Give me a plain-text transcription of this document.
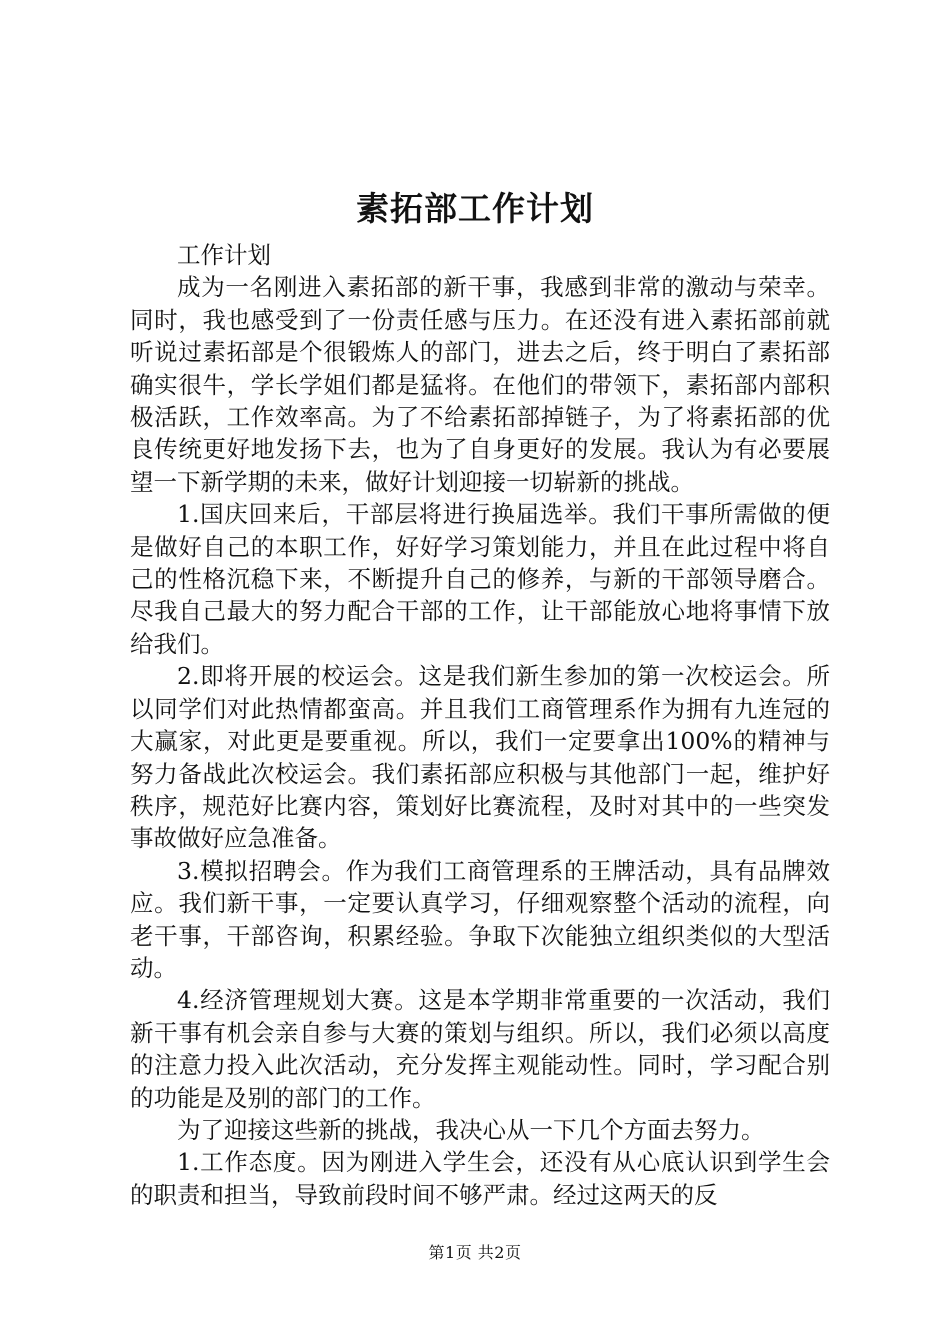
素拓部工作计划

工作计划

成为一名刚进入素拓部的新干事，我感到非常的激动与荣幸。同时，我也感受到了一份责任感与压力。在还没有进入素拓部前就听说过素拓部是个很锻炼人的部门，进去之后，终于明白了素拓部确实很牛，学长学姐们都是猛将。在他们的带领下，素拓部内部积极活跃，工作效率高。为了不给素拓部掉链子，为了将素拓部的优良传统更好地发扬下去，也为了自身更好的发展。我认为有必要展望一下新学期的未来，做好计划迎接一切崭新的挑战。

1.国庆回来后，干部层将进行换届选举。我们干事所需做的便是做好自己的本职工作，好好学习策划能力，并且在此过程中将自己的性格沉稳下来，不断提升自己的修养，与新的干部领导磨合。尽我自己最大的努力配合干部的工作，让干部能放心地将事情下放给我们。

2.即将开展的校运会。这是我们新生参加的第一次校运会。所以同学们对此热情都蛮高。并且我们工商管理系作为拥有九连冠的大赢家，对此更是要重视。所以，我们一定要拿出100%的精神与努力备战此次校运会。我们素拓部应积极与其他部门一起，维护好秩序，规范好比赛内容，策划好比赛流程，及时对其中的一些突发事故做好应急准备。

3.模拟招聘会。作为我们工商管理系的王牌活动，具有品牌效应。我们新干事，一定要认真学习，仔细观察整个活动的流程，向老干事，干部咨询，积累经验。争取下次能独立组织类似的大型活动。

4.经济管理规划大赛。这是本学期非常重要的一次活动，我们新干事有机会亲自参与大赛的策划与组织。所以，我们必须以高度的注意力投入此次活动，充分发挥主观能动性。同时，学习配合别的功能是及别的部门的工作。

为了迎接这些新的挑战，我决心从一下几个方面去努力。

1.工作态度。因为刚进入学生会，还没有从心底认识到学生会的职责和担当，导致前段时间不够严肃。经过这两天的反

第1页 共2页
